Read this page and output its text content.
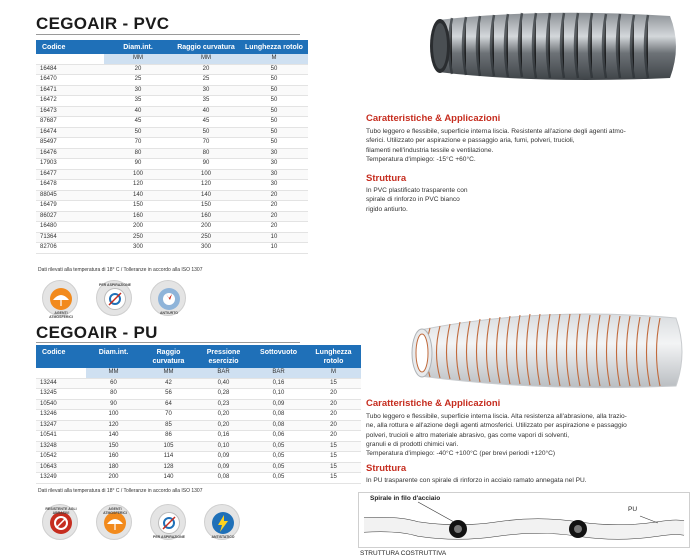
CEGOAIR - PVC
Codice	Diam.int.	Raggio curvatura	Lunghezza rotolo
	MM	MM	M
16484	20	20	50
16470	25	25	50
16471	30	30	50
16472	35	35	50
16473	40	40	50
87687	45	45	50
16474	50	50	50
85497	70	70	50
16476	80	80	30
17903	90	90	30
16477	100	100	30
16478	120	120	30
88045	140	140	20
16479	150	150	20
86027	160	160	20
16480	200	200	20
71364	250	250	10
82706	300	300	10
Dati rilevati alla temperatura di 18° C / Tolleranze in accordo alla ISO 1307
AGENTI ATMOSFERICI
PER ASPIRAZIONE
ANTIURTO
Caratteristiche & Applicazioni
Tubo leggero e flessibile, superficie interna liscia. Resistente all'azione degli agenti atmo-
sferici. Utilizzato per aspirazione e passaggio aria, fumi, polveri, trucioli,
filamenti nell'industria tessile e ventilazione.
Temperatura d'impiego: -15°C +60°C.
Struttura
In PVC plastificato trasparente con
spirale di rinforzo in PVC bianco
rigido antiurto.
CEGOAIR - PU
Codice	Diam.int.	Raggio curvatura	Pressione esercizio	Sottovuoto	Lunghezza rotolo
	MM	MM	BAR	BAR	M
13244	60	42	0,40	0,16	15
13245	80	56	0,28	0,10	20
10540	90	64	0,23	0,09	20
13246	100	70	0,20	0,08	20
13247	120	85	0,20	0,08	20
10541	140	86	0,16	0,06	20
13248	150	105	0,10	0,05	15
10542	160	114	0,09	0,05	15
10643	180	128	0,09	0,05	15
13249	200	140	0,08	0,05	15
Dati rilevati alla temperatura di 18° C / Tolleranze in accordo alla ISO 1307
RESISTENTE AGLI ABRASIVI
AGENTI ATMOSFERICI
PER ASPIRAZIONE	ANTISTATICO
Caratteristiche & Applicazioni
Tubo leggero e flessibile, superficie interna liscia. Alta resistenza all'abrasione, alla trazio-
ne, alla rottura e all'azione degli agenti atmosferici. Utilizzato per aspirazione e passaggio
polveri, trucioli e altro materiale abrasivo, gas come vapori di solventi,
granuli e di prodotti chimici vari.
Temperatura d'impiego: -40°C +100°C (per brevi periodi +120°C)
Struttura
In PU trasparente con spirale di rinforzo in acciaio ramato annegata nel PU.
Spirale in filo d'acciaio
PU
STRUTTURA COSTRUTTIVA
